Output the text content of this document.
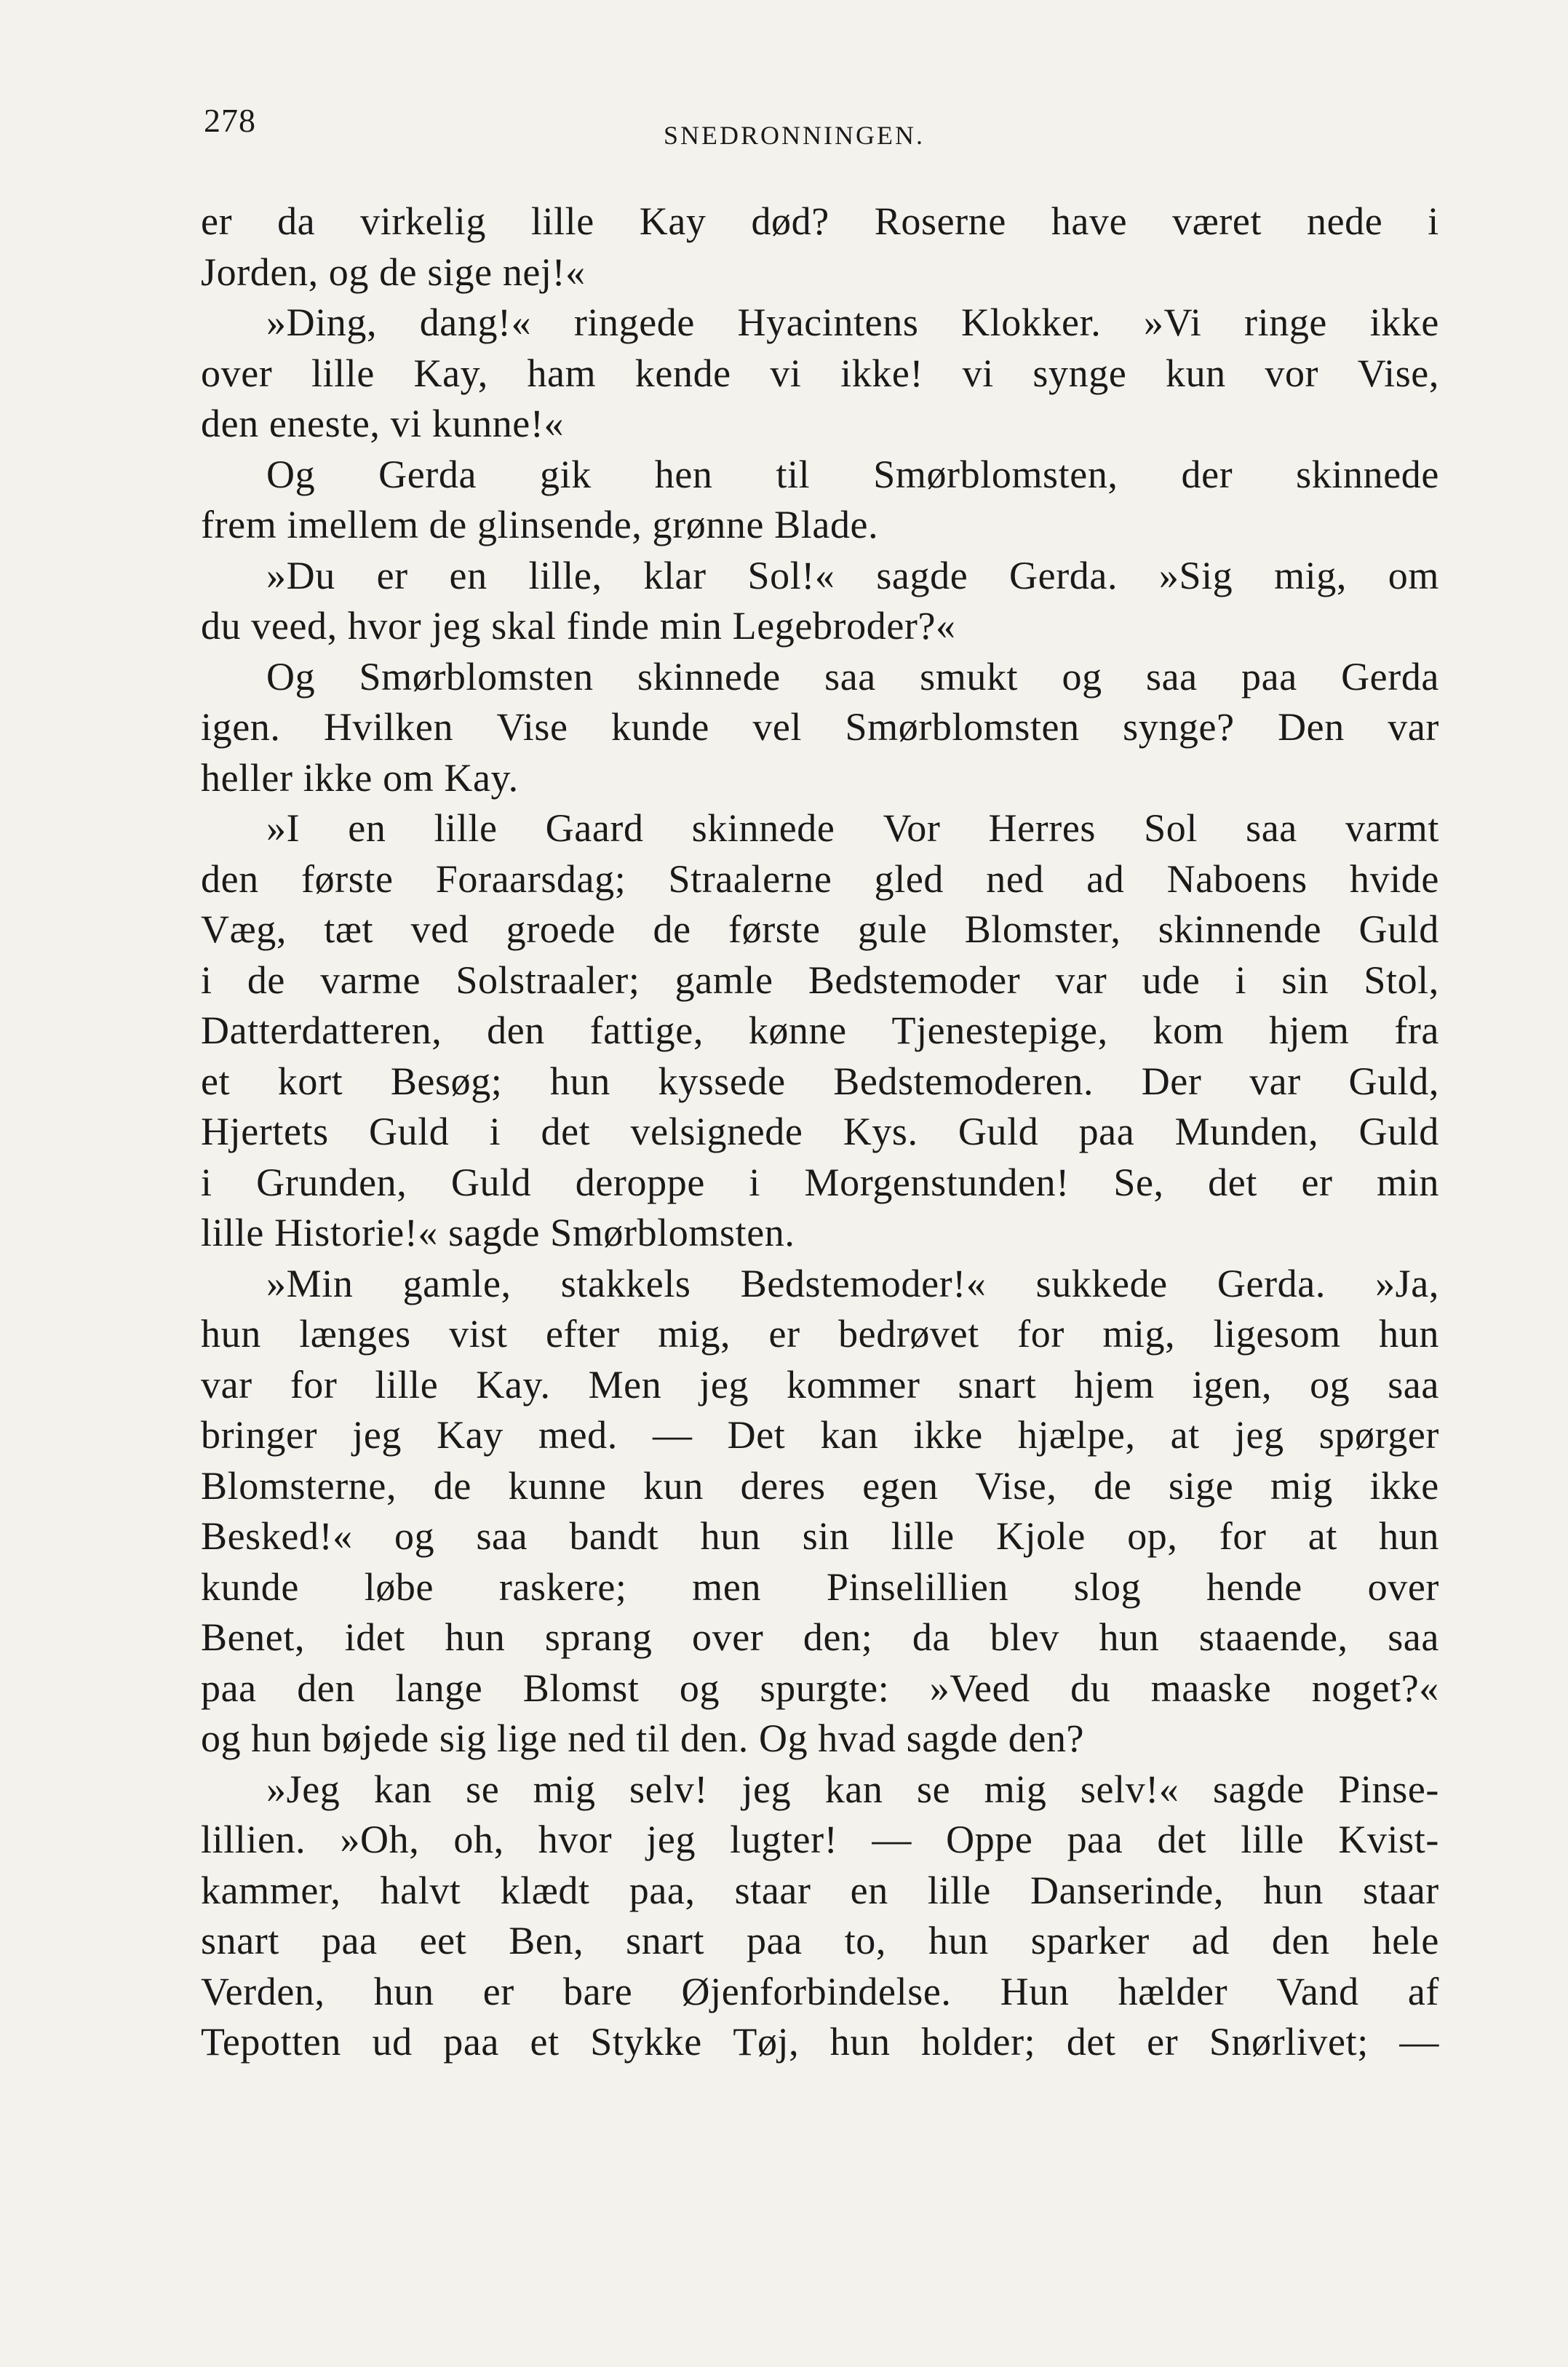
278	SNEDRONNINGEN.
er da virkelig lille Kay død? Roserne have været nede i
Jorden, og de sige nej!«
»Ding, dang!« ringede Hyacintens Klokker. »Vi ringe ikke
over lille Kay, ham kende vi ikke! vi synge kun vor Vise,
den eneste, vi kunne!«
Og Gerda gik hen til Smørblomsten, der skinnede
frem imellem de glinsende, grønne Blade.
»Du er en lille, klar Sol!« sagde Gerda. »Sig mig, om
du veed, hvor jeg skal finde min Legebroder?«
Og Smørblomsten skinnede saa smukt og saa paa Gerda
igen. Hvilken Vise kunde vel Smørblomsten synge? Den var
heller ikke om Kay.
»I en lille Gaard skinnede Vor Herres Sol saa varmt
den første Foraarsdag; Straalerne gled ned ad Naboens hvide
Væg, tæt ved groede de første gule Blomster, skinnende Guld
i de varme Solstraaler; gamle Bedstemoder var ude i sin Stol,
Datterdatteren, den fattige, kønne Tjenestepige, kom hjem fra
et kort Besøg; hun kyssede Bedstemoderen. Der var Guld,
Hjertets Guld i det velsignede Kys. Guld paa Munden, Guld
i Grunden, Guld deroppe i Morgenstunden! Se, det er min
lille Historie!« sagde Smørblomsten.
»Min gamle, stakkels Bedstemoder!« sukkede Gerda. »Ja,
hun længes vist efter mig, er bedrøvet for mig, ligesom hun
var for lille Kay. Men jeg kommer snart hjem igen, og saa
bringer jeg Kay med. — Det kan ikke hjælpe, at jeg spørger
Blomsterne, de kunne kun deres egen Vise, de sige mig ikke
Besked!« og saa bandt hun sin lille Kjole op, for at hun
kunde løbe raskere; men Pinselillien slog hende over
Benet, idet hun sprang over den; da blev hun staaende, saa
paa den lange Blomst og spurgte: »Veed du maaske noget?«
og hun bøjede sig lige ned til den. Og hvad sagde den?
»Jeg kan se mig selv! jeg kan se mig selv!« sagde Pinse-
lillien. »Oh, oh, hvor jeg lugter! — Oppe paa det lille Kvist-
kammer, halvt klædt paa, staar en lille Danserinde, hun staar
snart paa eet Ben, snart paa to, hun sparker ad den hele
Verden, hun er bare Øjenforbindelse. Hun hælder Vand af
Tepotten ud paa et Stykke Tøj, hun holder; det er Snørlivet; —
